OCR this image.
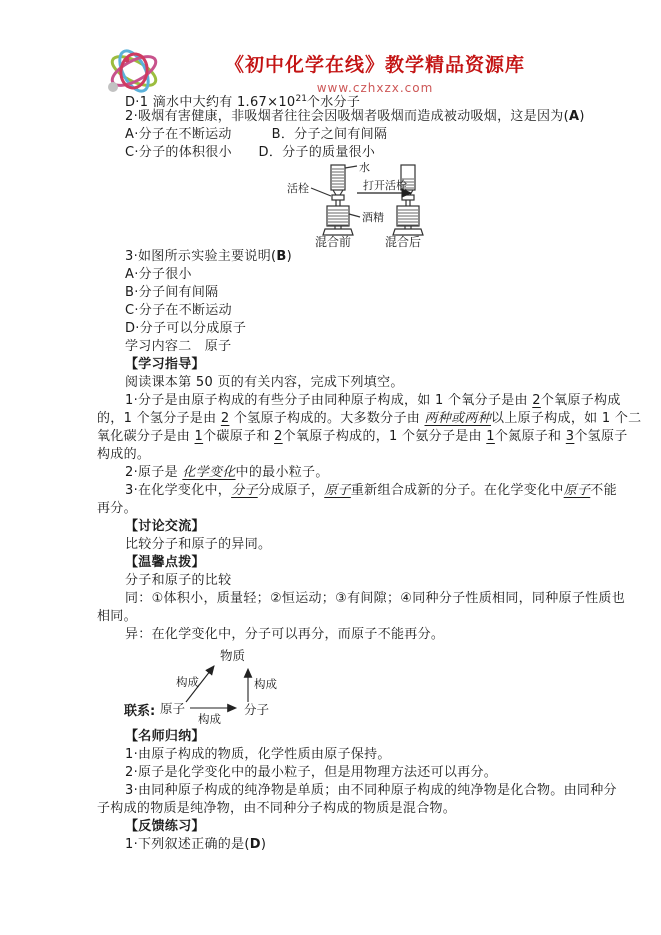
《初中化学在线》教学精品资源库
www.czhxzx.com
D·1 滴水中大约有 $1.67\times 10^{21}$个水分子
2·吸烟有害健康，非吸烟者往往会因吸烟者吸烟而造成被动吸烟，这是因为(A)
A·分子在不断运动　　　B．分子之间有间隔
C·分子的体积很小　　D．分子的质量很小
水
活栓	打开活栓
酒精
混合前	混合后
3·如图所示实验主要说明(B)
A·分子很小
B·分子间有间隔
C·分子在不断运动
D·分子可以分成原子
学习内容二　原子
【学习指导】
阅读课本第 50 页的有关内容，完成下列填空。
1·分子是由原子构成的有些分子由同种原子构成，如 1 个氧分子是由 2个氧原子构成
的，1 个氢分子是由 2 个氢原子构成的。大多数分子由 两种或两种以上原子构成，如 1 个二
氧化碳分子是由 1个碳原子和 2个氧原子构成的，1 个氨分子是由 1个氮原子和 3个氢原子
构成的。
2·原子是 化学变化中的最小粒子。
3·在化学变化中，分子分成原子，原子重新组合成新的分子。在化学变化中原子不能
再分。
【讨论交流】
比较分子和原子的异同。
【温馨点拨】
分子和原子的比较
同：①体积小，质量轻；②恒运动；③有间隙；④同种分子性质相同，同种原子性质也
相同。
异：在化学变化中，分子可以再分，而原子不能再分。
物质
原子	分子
构成	构成
构成
联系:
【名师归纳】
1·由原子构成的物质，化学性质由原子保持。
2·原子是化学变化中的最小粒子，但是用物理方法还可以再分。
3·由同种原子构成的纯净物是单质；由不同种原子构成的纯净物是化合物。由同种分
子构成的物质是纯净物，由不同种分子构成的物质是混合物。
【反馈练习】
1·下列叙述正确的是(D)
